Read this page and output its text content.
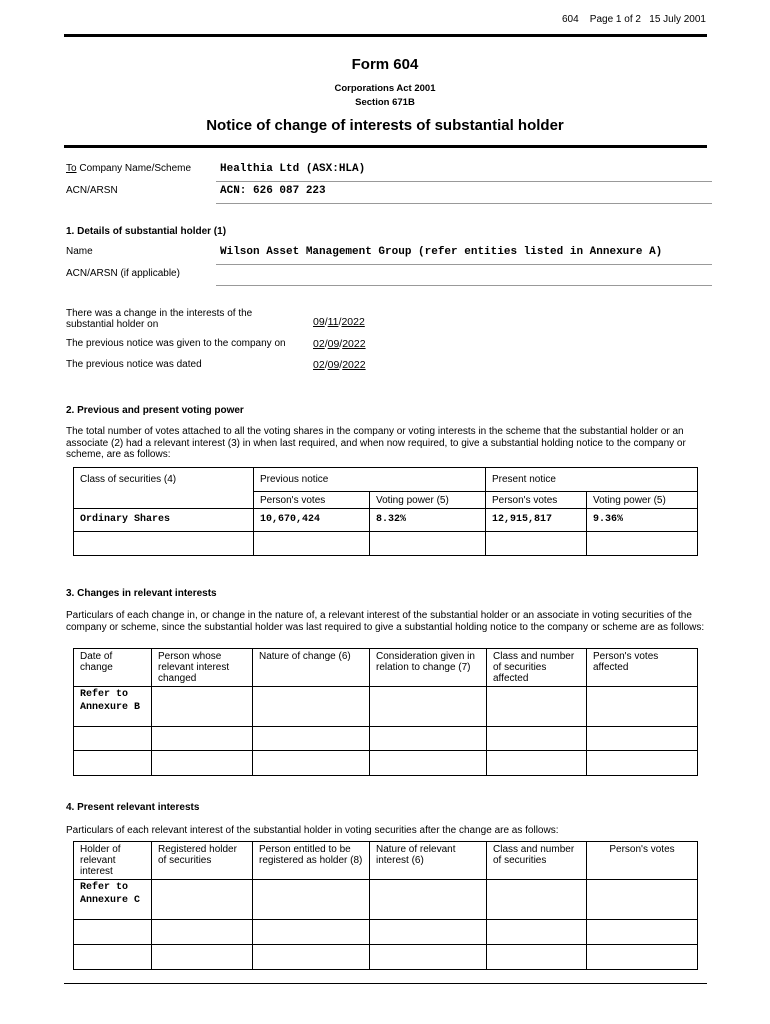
604 Page 1 of 2 15 July 2001
Form 604
Corporations Act 2001
Section 671B
Notice of change of interests of substantial holder
To Company Name/Scheme	Healthia Ltd (ASX:HLA)
ACN/ARSN	ACN: 626 087 223
1. Details of substantial holder (1)
Name	Wilson Asset Management Group (refer entities listed in Annexure A)
ACN/ARSN (if applicable)
There was a change in the interests of the substantial holder on	09/11/2022
The previous notice was given to the company on	02/09/2022
The previous notice was dated	02/09/2022
2. Previous and present voting power
The total number of votes attached to all the voting shares in the company or voting interests in the scheme that the substantial holder or an associate (2) had a relevant interest (3) in when last required, and when now required, to give a substantial holding notice to the company or scheme, are as follows:
Class of securities (4)	Previous notice		Present notice	
	Person's votes	Voting power (5)	Person's votes	Voting power (5)
Ordinary Shares	10,670,424	8.32%	12,915,817	9.36%

3. Changes in relevant interests
Particulars of each change in, or change in the nature of, a relevant interest of the substantial holder or an associate in voting securities of the company or scheme, since the substantial holder was last required to give a substantial holding notice to the company or scheme are as follows:
Date of change	Person whose relevant interest changed	Nature of change (6)	Consideration given in relation to change (7)	Class and number of securities affected	Person's votes affected
Refer to Annexure B					

4. Present relevant interests
Particulars of each relevant interest of the substantial holder in voting securities after the change are as follows:
Holder of relevant interest	Registered holder of securities	Person entitled to be registered as holder (8)	Nature of relevant interest (6)	Class and number of securities	Person's votes
Refer to Annexure C					
